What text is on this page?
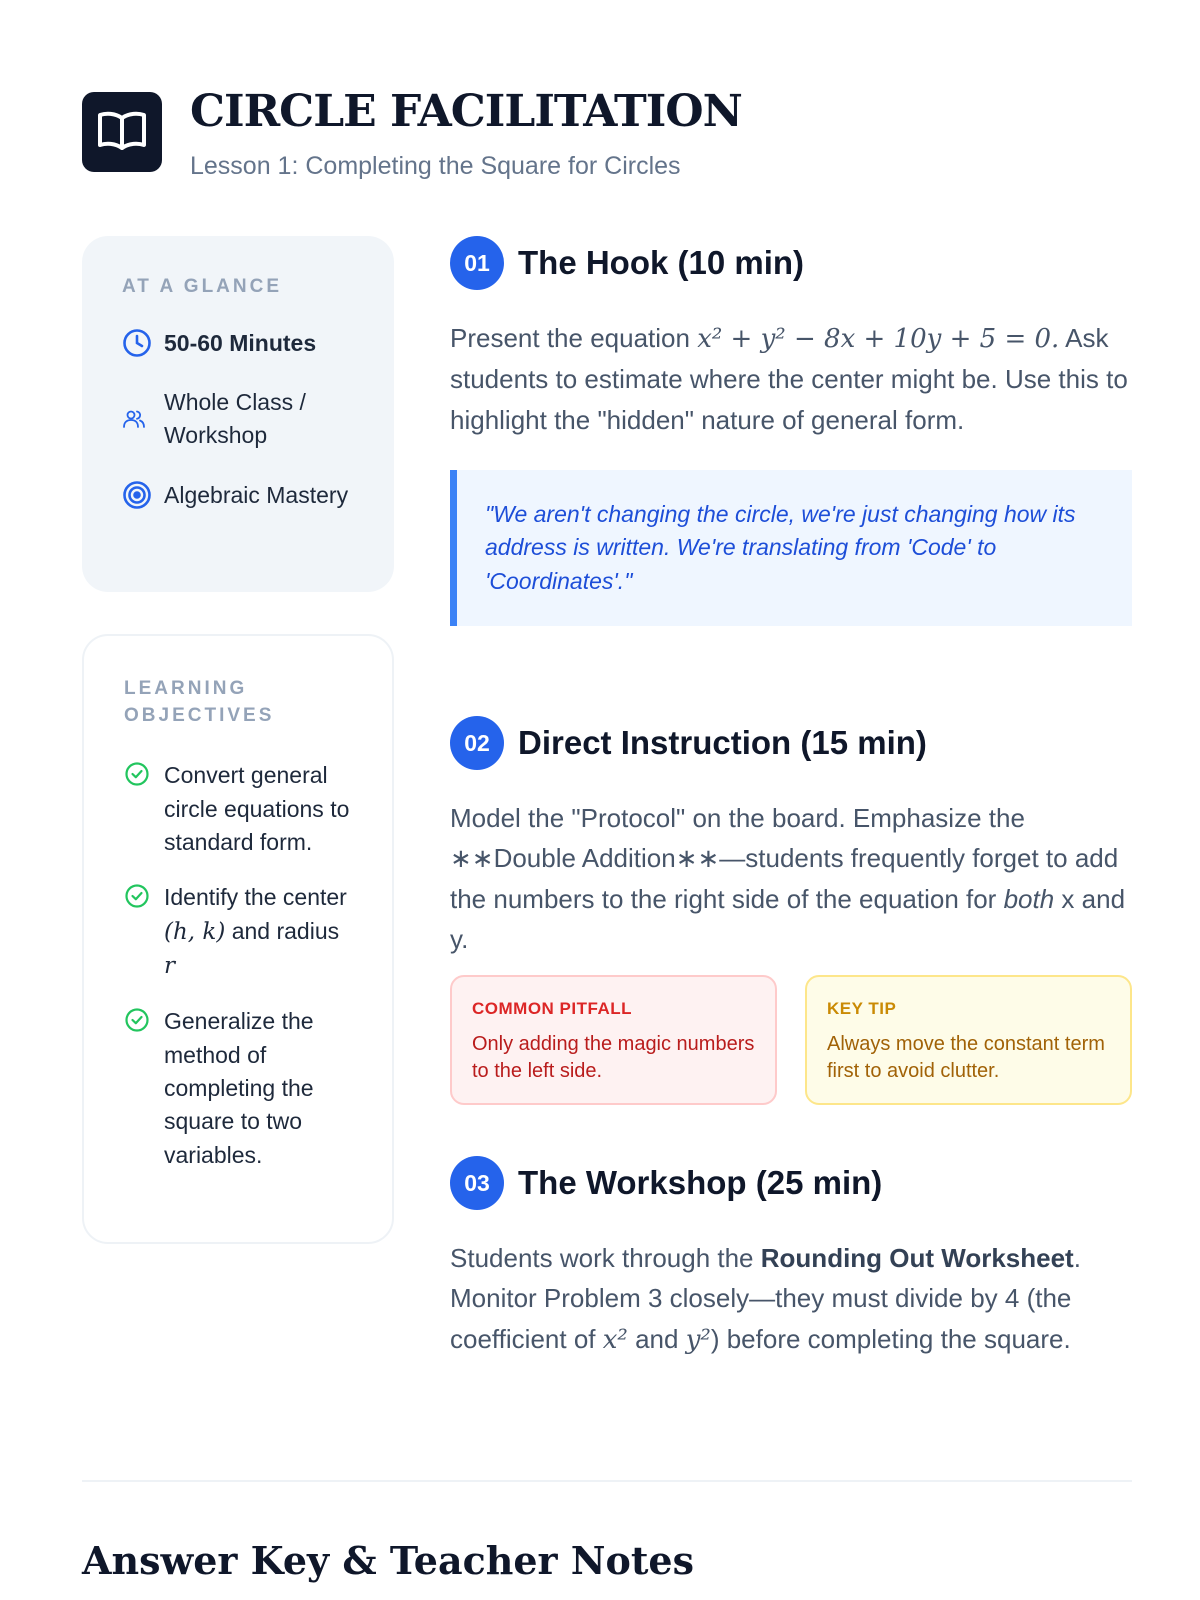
CIRCLE FACILITATION
Lesson 1: Completing the Square for Circles
AT A GLANCE
50-60 Minutes
Whole Class / Workshop
Algebraic Mastery
LEARNING OBJECTIVES
Convert general circle equations to standard form.
Identify the center (h, k) and radius r
Generalize the method of completing the square to two variables.
01 The Hook (10 min)

Present the equation x² + y² − 8x + 10y + 5 = 0. Ask students to estimate where the center might be. Use this to highlight the "hidden" nature of general form.

"We aren't changing the circle, we're just changing how its address is written. We're translating from 'Code' to 'Coordinates'."
02 Direct Instruction (15 min)

Model the "Protocol" on the board. Emphasize the ∗∗Double Addition∗∗—students frequently forget to add the numbers to the right side of the equation for both x and y.

COMMON PITFALL
Only adding the magic numbers to the left side.
KEY TIP
Always move the constant term first to avoid clutter.
03 The Workshop (25 min)

Students work through the Rounding Out Worksheet. Monitor Problem 3 closely—they must divide by 4 (the coefficient of x² and y²) before completing the square.

Answer Key & Teacher Notes
